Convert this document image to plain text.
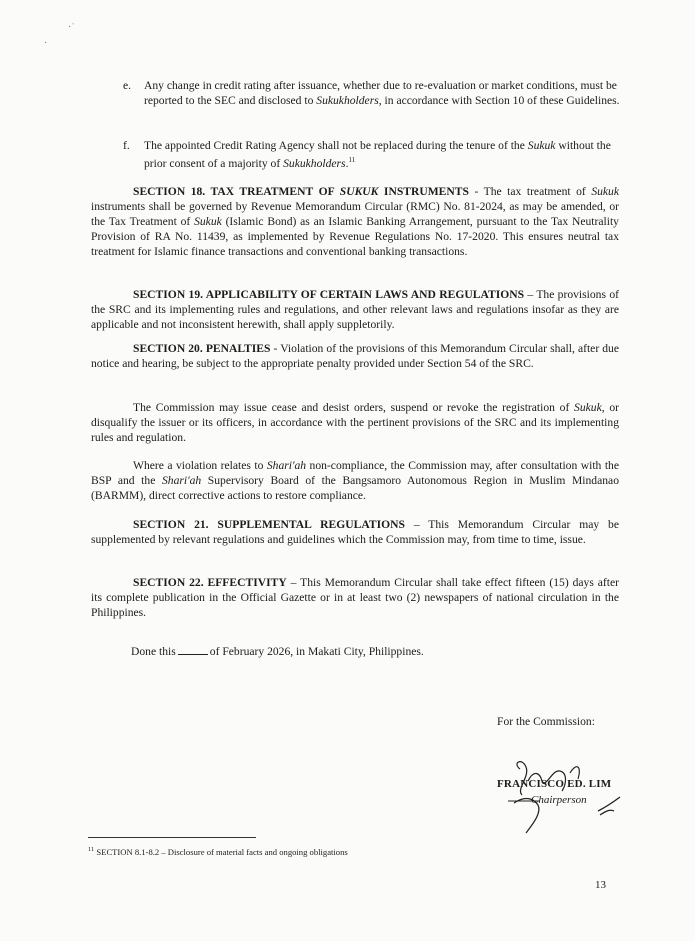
·ˈ
·
e. Any change in credit rating after issuance, whether due to re-evaluation or market conditions, must be reported to the SEC and disclosed to Sukukholders, in accordance with Section 10 of these Guidelines.
f. The appointed Credit Rating Agency shall not be replaced during the tenure of the Sukuk without the prior consent of a majority of Sukukholders.$^{11}$
SECTION 18. TAX TREATMENT OF SUKUK INSTRUMENTS - The tax treatment of Sukuk instruments shall be governed by Revenue Memorandum Circular (RMC) No. 81-2024, as may be amended, or the Tax Treatment of Sukuk (Islamic Bond) as an Islamic Banking Arrangement, pursuant to the Tax Neutrality Provision of RA No. 11439, as implemented by Revenue Regulations No. 17-2020. This ensures neutral tax treatment for Islamic finance transactions and conventional banking transactions.
SECTION 19. APPLICABILITY OF CERTAIN LAWS AND REGULATIONS – The provisions of the SRC and its implementing rules and regulations, and other relevant laws and regulations insofar as they are applicable and not inconsistent herewith, shall apply suppletorily.
SECTION 20. PENALTIES - Violation of the provisions of this Memorandum Circular shall, after due notice and hearing, be subject to the appropriate penalty provided under Section 54 of the SRC.
The Commission may issue cease and desist orders, suspend or revoke the registration of Sukuk, or disqualify the issuer or its officers, in accordance with the pertinent provisions of the SRC and its implementing rules and regulation.
Where a violation relates to Shari'ah non-compliance, the Commission may, after consultation with the BSP and the Shari'ah Supervisory Board of the Bangsamoro Autonomous Region in Muslim Mindanao (BARMM), direct corrective actions to restore compliance.
SECTION 21. SUPPLEMENTAL REGULATIONS – This Memorandum Circular may be supplemented by relevant regulations and guidelines which the Commission may, from time to time, issue.
SECTION 22. EFFECTIVITY – This Memorandum Circular shall take effect fifteen (15) days after its complete publication in the Official Gazette or in at least two (2) newspapers of national circulation in the Philippines.
Done this	of February 2026, in Makati City, Philippines.
For the Commission:
FRANCISCO ED. LIM
Chairperson
$^{11}$ SECTION 8.1-8.2 – Disclosure of material facts and ongoing obligations
13
